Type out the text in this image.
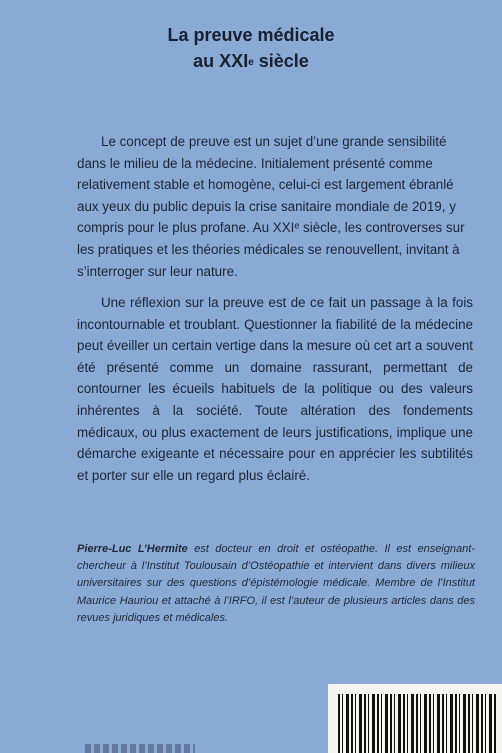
La preuve médicale
au XXIe siècle
Le concept de preuve est un sujet d’une grande sensibilité dans le milieu de la médecine. Initialement présenté comme relativement stable et homogène, celui-ci est largement ébranlé aux yeux du public depuis la crise sanitaire mondiale de 2019, y compris pour le plus profane. Au XXIᵉ siècle, les controverses sur les pratiques et les théories médicales se renouvellent, invitant à s’interroger sur leur nature.
Une réflexion sur la preuve est de ce fait un passage à la fois incontournable et troublant. Questionner la fiabilité de la médecine peut éveiller un certain vertige dans la mesure où cet art a souvent été présenté comme un domaine rassurant, permettant de contourner les écueils habituels de la politique ou des valeurs inhérentes à la société. Toute altération des fondements médicaux, ou plus exactement de leurs justifications, implique une démarche exigeante et nécessaire pour en apprécier les subtilités et porter sur elle un regard plus éclairé.
Pierre-Luc L’Hermite est docteur en droit et ostéopathe. Il est enseignant-chercheur à l’Institut Toulousain d’Ostéopathie et intervient dans divers milieux universitaires sur des questions d’épistémologie médicale. Membre de l’Institut Maurice Hauriou et attaché à l’IRFO, il est l’auteur de plusieurs articles dans des revues juridiques et médicales.
